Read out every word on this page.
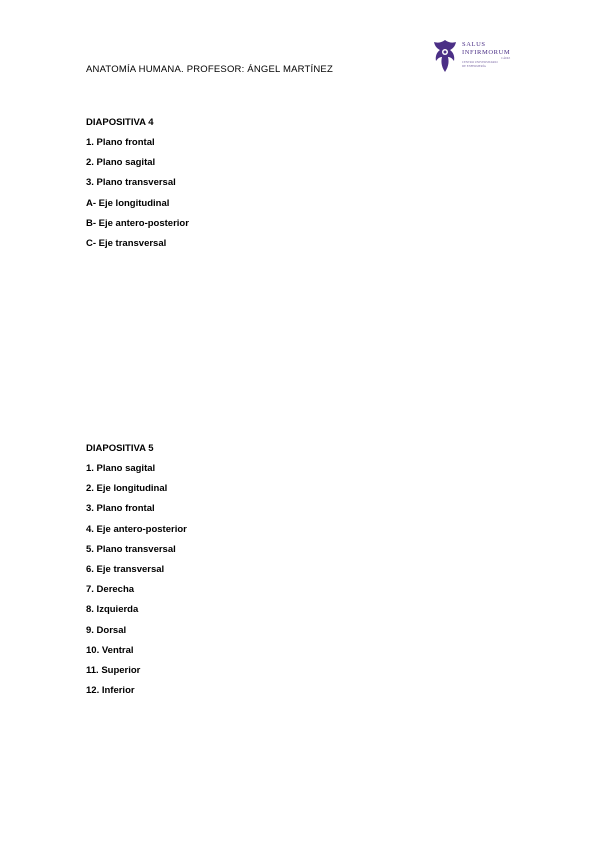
ANATOMÍA HUMANA. PROFESOR: ÁNGEL MARTÍNEZ
SALUS
INFIRMORUM
CÁDIZ
CENTRO UNIVERSITARIO
DE ENFERMERÍA
DIAPOSITIVA 4
1. Plano frontal
2. Plano sagital
3. Plano transversal
A- Eje longitudinal
B- Eje antero-posterior
C- Eje transversal
DIAPOSITIVA 5
1. Plano sagital
2. Eje longitudinal
3. Plano frontal
4. Eje antero-posterior
5. Plano transversal
6. Eje transversal
7. Derecha
8. Izquierda
9. Dorsal
10. Ventral
11. Superior
12. Inferior
